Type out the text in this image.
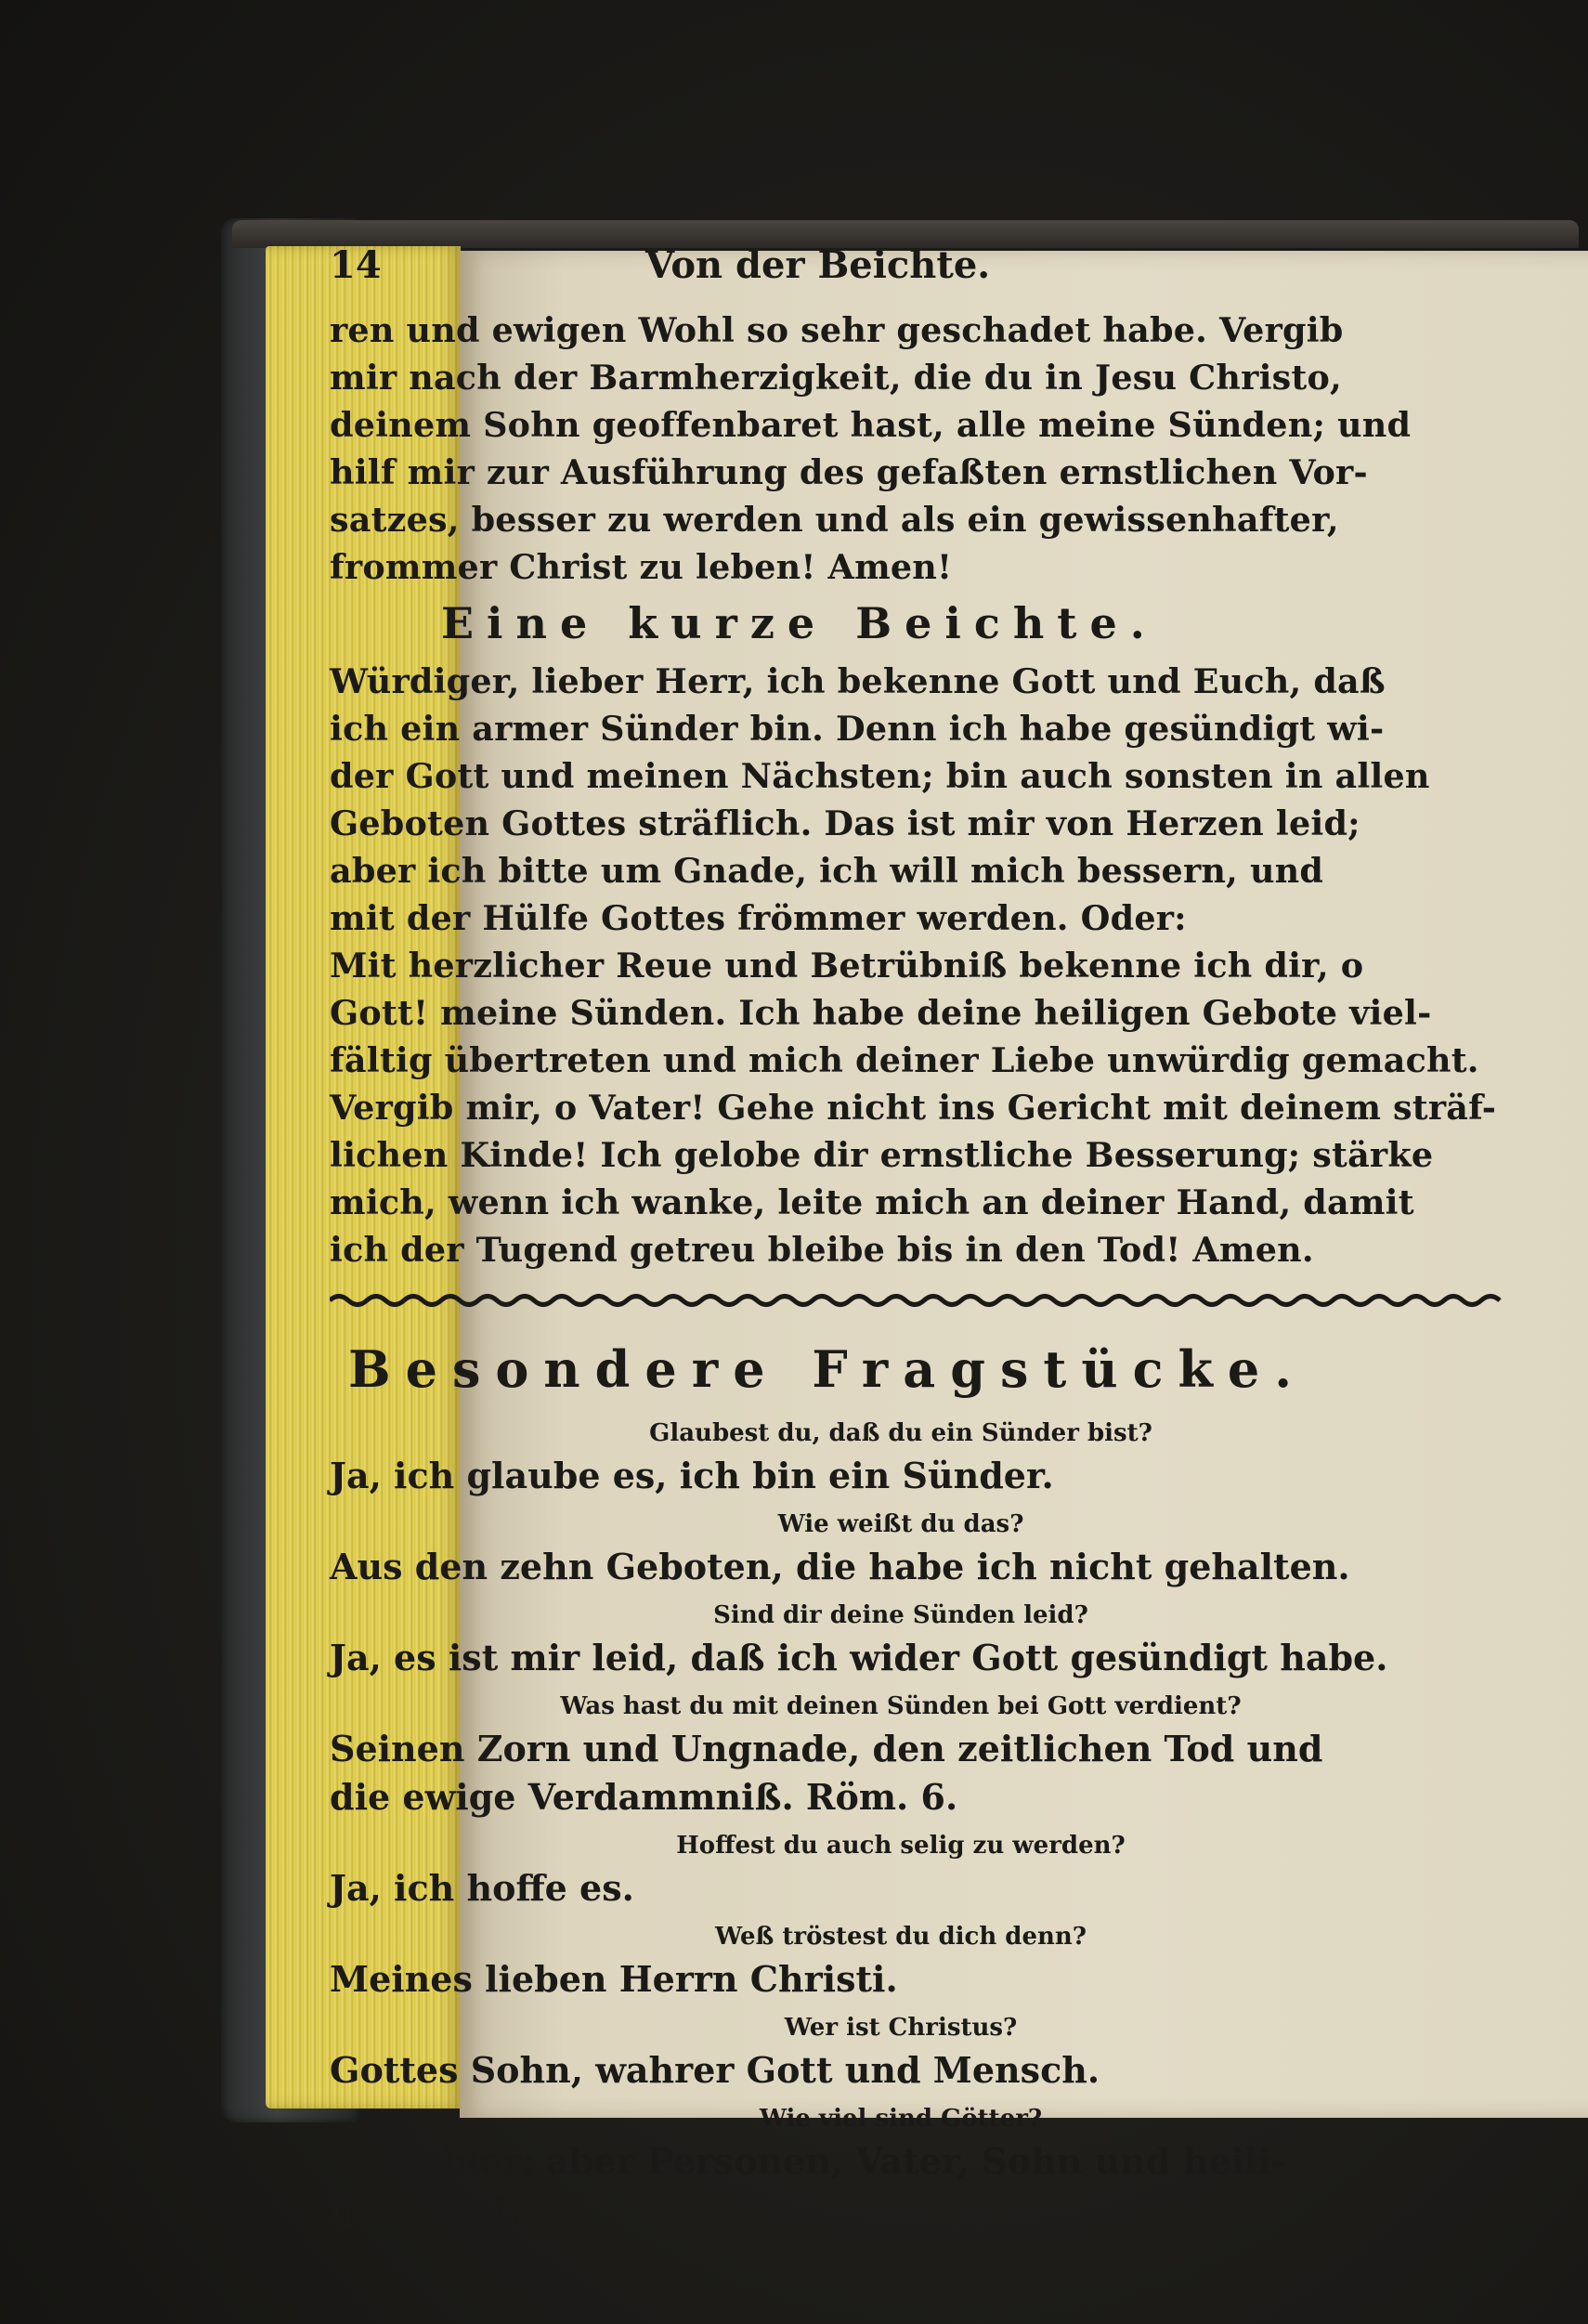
14	Von der Beichte.
ren und ewigen Wohl so sehr geschadet habe. Vergib
mir nach der Barmherzigkeit, die du in Jesu Christo,
deinem Sohn geoffenbaret hast, alle meine Sünden; und
hilf mir zur Ausführung des gefaßten ernstlichen Vor-
satzes, besser zu werden und als ein gewissenhafter,
frommer Christ zu leben! Amen!
Eine kurze Beichte.
Würdiger, lieber Herr, ich bekenne Gott und Euch, daß
ich ein armer Sünder bin. Denn ich habe gesündigt wi-
der Gott und meinen Nächsten; bin auch sonsten in allen
Geboten Gottes sträflich. Das ist mir von Herzen leid;
aber ich bitte um Gnade, ich will mich bessern, und
mit der Hülfe Gottes frömmer werden. Oder:
Mit herzlicher Reue und Betrübniß bekenne ich dir, o
Gott! meine Sünden. Ich habe deine heiligen Gebote viel-
fältig übertreten und mich deiner Liebe unwürdig gemacht.
Vergib mir, o Vater! Gehe nicht ins Gericht mit deinem sträf-
lichen Kinde! Ich gelobe dir ernstliche Besserung; stärke
mich, wenn ich wanke, leite mich an deiner Hand, damit
ich der Tugend getreu bleibe bis in den Tod! Amen.
Besondere Fragstücke.
Glaubest du, daß du ein Sünder bist?
Ja, ich glaube es, ich bin ein Sünder.
Wie weißt du das?
Aus den zehn Geboten, die habe ich nicht gehalten.
Sind dir deine Sünden leid?
Ja, es ist mir leid, daß ich wider Gott gesündigt habe.
Was hast du mit deinen Sünden bei Gott verdient?
Seinen Zorn und Ungnade, den zeitlichen Tod und
die ewige Verdammniß. Röm. 6.
Hoffest du auch selig zu werden?
Ja, ich hoffe es.
Weß tröstest du dich denn?
Meines lieben Herrn Christi.
Wer ist Christus?
Gottes Sohn, wahrer Gott und Mensch.
Wie viel sind Götter?
Nur einer; aber Personen, Vater, Sohn und heili-
ger Geist.
